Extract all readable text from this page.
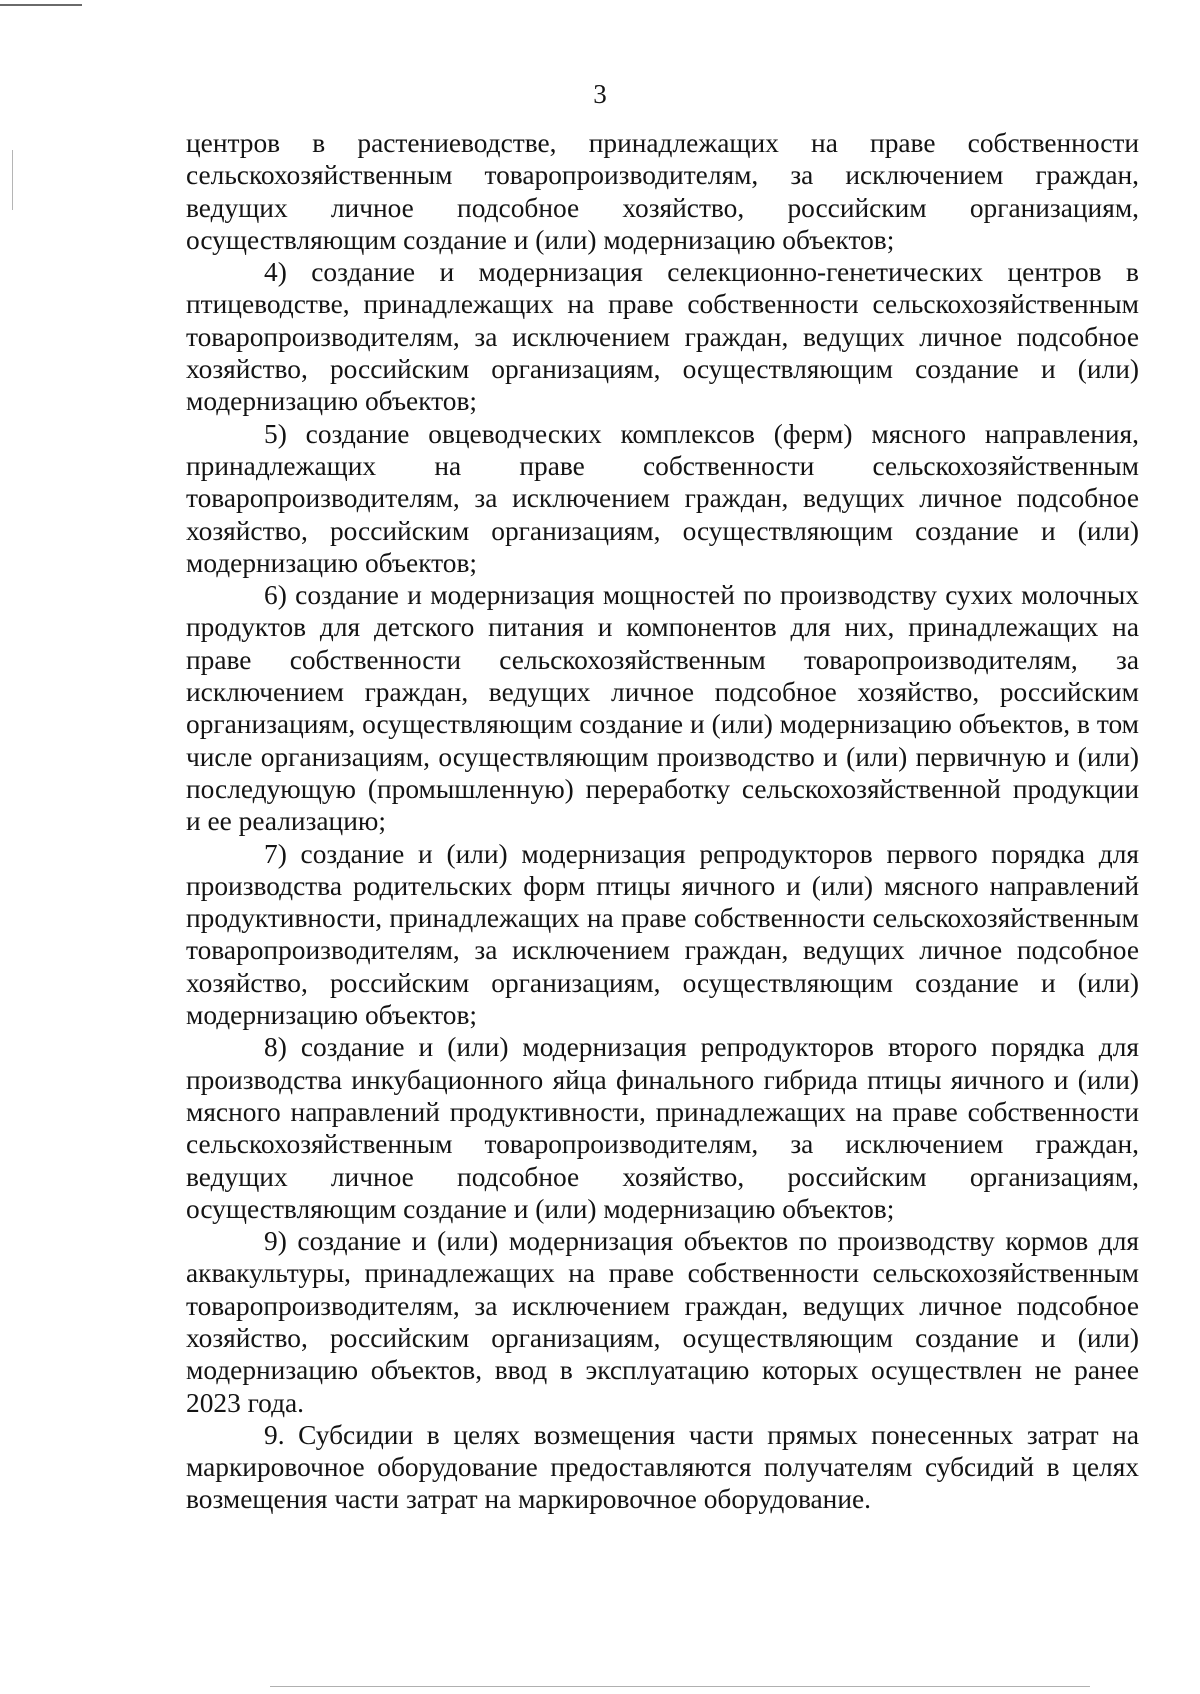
3

центров в растениеводстве, принадлежащих на праве собственности сельскохозяйственным товаропроизводителям, за исключением граждан, ведущих личное подсобное хозяйство, российским организациям, осуществляющим создание и (или) модернизацию объектов;

4) создание и модернизация селекционно-генетических центров в птицеводстве, принадлежащих на праве собственности сельскохозяйственным товаропроизводителям, за исключением граждан, ведущих личное подсобное хозяйство, российским организациям, осуществляющим создание и (или) модернизацию объектов;

5) создание овцеводческих комплексов (ферм) мясного направления, принадлежащих на праве собственности сельскохозяйственным товаропроизводителям, за исключением граждан, ведущих личное подсобное хозяйство, российским организациям, осуществляющим создание и (или) модернизацию объектов;

6) создание и модернизация мощностей по производству сухих молочных продуктов для детского питания и компонентов для них, принадлежащих на праве собственности сельскохозяйственным товаропроизводителям, за исключением граждан, ведущих личное подсобное хозяйство, российским организациям, осуществляющим создание и (или) модернизацию объектов, в том числе организациям, осуществляющим производство и (или) первичную и (или) последующую (промышленную) переработку сельскохозяйственной продукции и ее реализацию;

7) создание и (или) модернизация репродукторов первого порядка для производства родительских форм птицы яичного и (или) мясного направлений продуктивности, принадлежащих на праве собственности сельскохозяйственным товаропроизводителям, за исключением граждан, ведущих личное подсобное хозяйство, российским организациям, осуществляющим создание и (или) модернизацию объектов;

8) создание и (или) модернизация репродукторов второго порядка для производства инкубационного яйца финального гибрида птицы яичного и (или) мясного направлений продуктивности, принадлежащих на праве собственности сельскохозяйственным товаропроизводителям, за исключением граждан, ведущих личное подсобное хозяйство, российским организациям, осуществляющим создание и (или) модернизацию объектов;

9) создание и (или) модернизация объектов по производству кормов для аквакультуры, принадлежащих на праве собственности сельскохозяйственным товаропроизводителям, за исключением граждан, ведущих личное подсобное хозяйство, российским организациям, осуществляющим создание и (или) модернизацию объектов, ввод в эксплуатацию которых осуществлен не ранее 2023 года.

9. Субсидии в целях возмещения части прямых понесенных затрат на маркировочное оборудование предоставляются получателям субсидий в целях возмещения части затрат на маркировочное оборудование.
